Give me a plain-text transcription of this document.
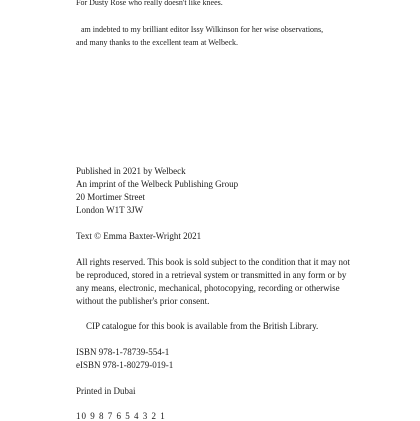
For Dusty Rose who really doesn't like knees.
am indebted to my brilliant editor Issy Wilkinson for her wise observations,
and many thanks to the excellent team at Welbeck.
Published in 2021 by Welbeck
An imprint of the Welbeck Publishing Group
20 Mortimer Street
London W1T 3JW
Text © Emma Baxter-Wright 2021
All rights reserved. This book is sold subject to the condition that it may not
be reproduced, stored in a retrieval system or transmitted in any form or by
any means, electronic, mechanical, photocopying, recording or otherwise
without the publisher's prior consent.
CIP catalogue for this book is available from the British Library.
ISBN 978-1-78739-554-1
eISBN 978-1-80279-019-1
Printed in Dubai
10 9 8 7 6 5 4 3 2 1
